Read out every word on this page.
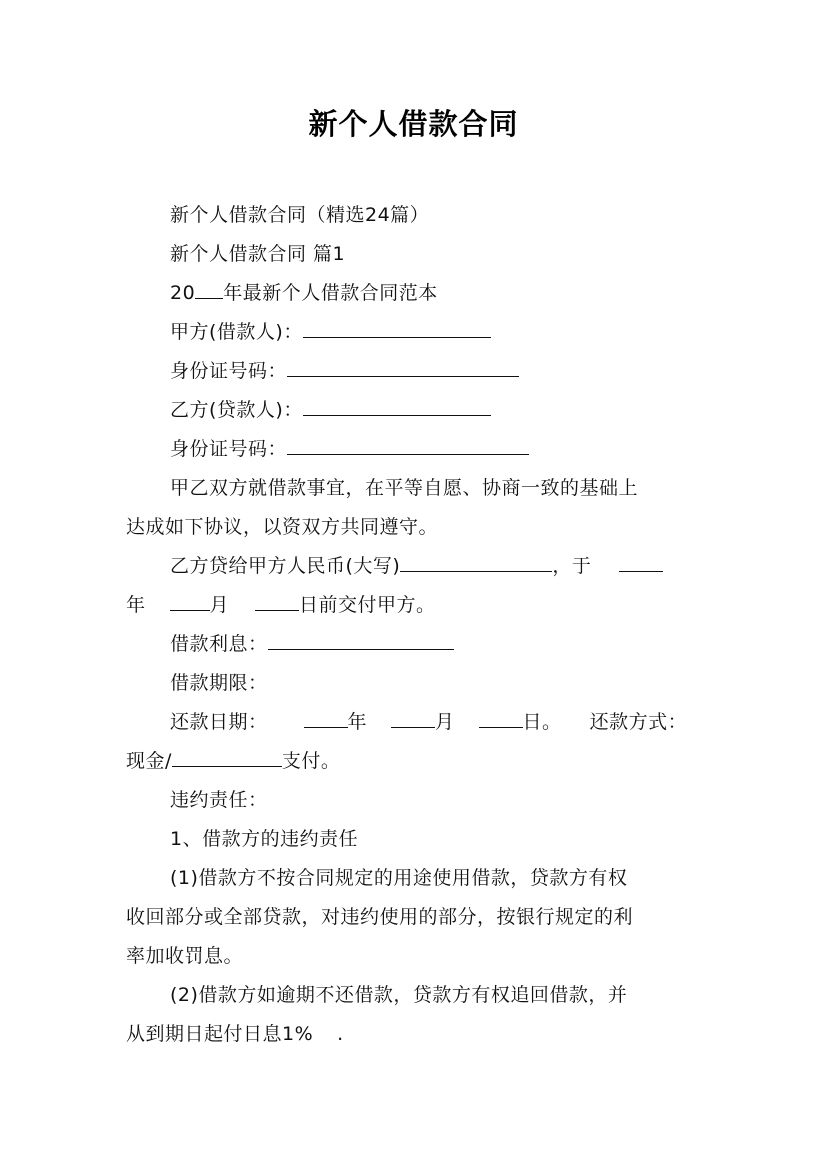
新个人借款合同
新个人借款合同（精选24篇）
新个人借款合同 篇1
20 年最新个人借款合同范本
甲方(借款人)：
身份证号码：
乙方(贷款人)：
身份证号码：
甲乙双方就借款事宜，在平等自愿、协商一致的基础上
达成如下协议，以资双方共同遵守。
乙方贷给甲方人民币(大写)	，于
年	月	日前交付甲方。
借款利息：
借款期限：
还款日期：	年	月	日。 还款方式：
现金/	支付。
违约责任：
1、借款方的违约责任
(1)借款方不按合同规定的用途使用借款，贷款方有权
收回部分或全部贷款，对违约使用的部分，按银行规定的利
率加收罚息。
(2)借款方如逾期不还借款，贷款方有权追回借款，并
从到期日起付日息1% .
